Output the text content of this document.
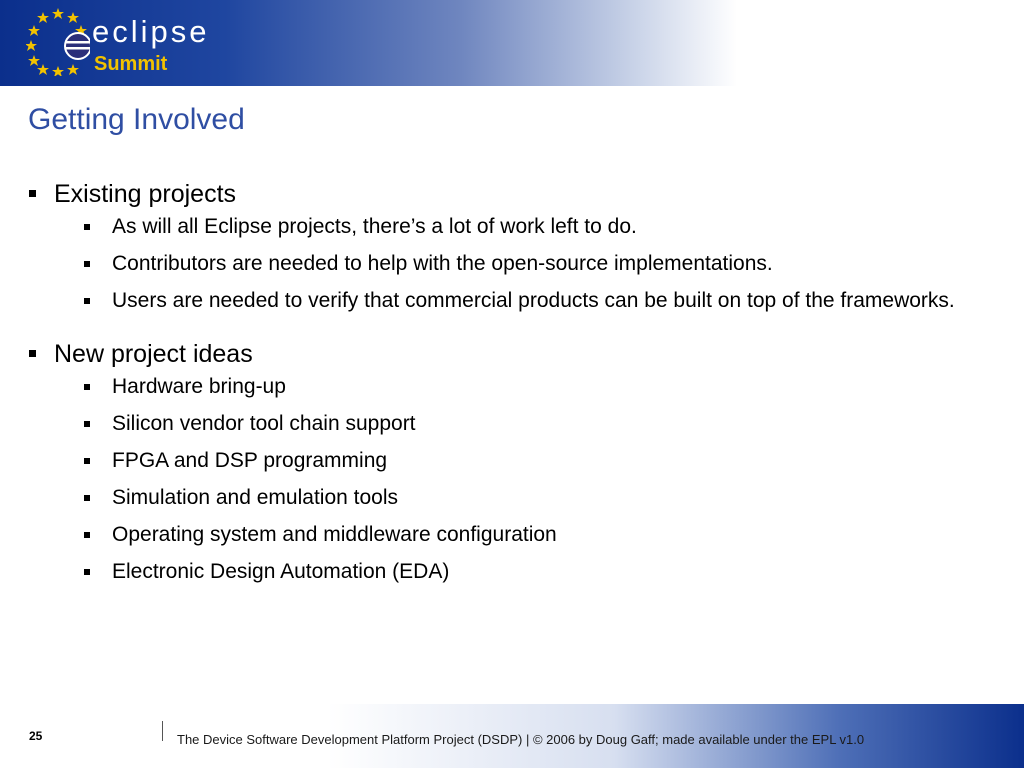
eclipse
Summit
Getting Involved
Existing projects
As will all Eclipse projects, there’s a lot of work left to do.
Contributors are needed to help with the open-source implementations.
Users are needed to verify that commercial products can be built on top of the frameworks.
New project ideas
Hardware bring-up
Silicon vendor tool chain support
FPGA and DSP programming
Simulation and emulation tools
Operating system and middleware configuration
Electronic Design Automation (EDA)
25	The Device Software Development Platform Project (DSDP) | © 2006 by Doug Gaff; made available under the EPL v1.0
